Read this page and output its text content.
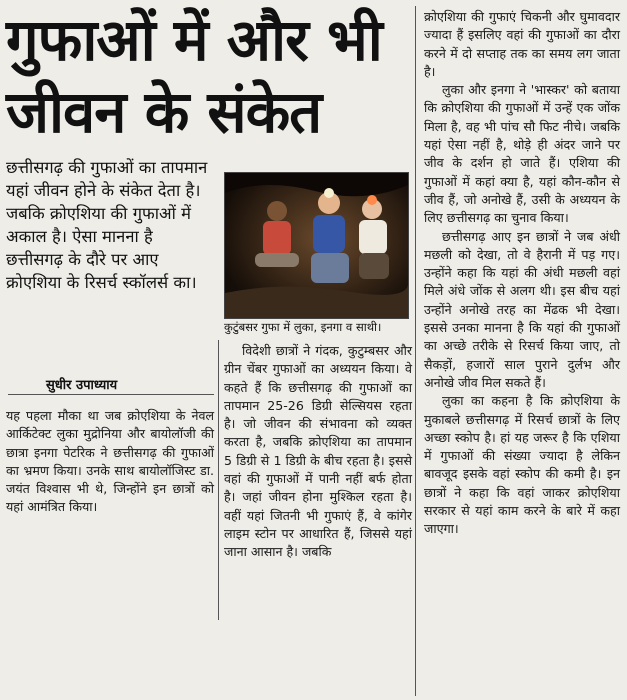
गुफाओं में और भी
जीवन के संकेत
छत्तीसगढ़ की गुफाओं का तापमान यहां जीवन होने के संकेत देता है। जबकि क्रोएशिया की गुफाओं में अकाल है। ऐसा मानना है छत्तीसगढ़ के दौरे पर आए क्रोएशिया के रिसर्च स्कॉलर्स का।
सुधीर उपाध्याय

यह पहला मौका था जब क्रोएशिया के नेवल आर्किटेक्ट लुका मुद्रोनिया और बायोलॉजी की छात्रा इनगा पेटरिक ने छत्तीसगढ़ की गुफाओं का भ्रमण किया। उनके साथ बायोलॉजिस्ट डा. जयंत विश्वास भी थे, जिन्होंने इन छात्रों को यहां आमंत्रित किया।

कुटुंबसर गुफा में लुका, इनगा व साथी।

विदेशी छात्रों ने गंदक, कुटुम्बसर और ग्रीन चेंबर गुफाओं का अध्ययन किया। वे कहते हैं कि छत्तीसगढ़ की गुफाओं का तापमान 25-26 डिग्री सेल्सियस रहता है। जो जीवन की संभावना को व्यक्त करता है, जबकि क्रोएशिया का तापमान 5 डिग्री से 1 डिग्री के बीच रहता है। इससे वहां की गुफाओं में पानी नहीं बर्फ होता है। जहां जीवन होना मुश्किल रहता है। वहीं यहां जितनी भी गुफाएं हैं, वे कांगेर लाइम स्टोन पर आधारित हैं, जिससे यहां जाना आसान है। जबकि

क्रोएशिया की गुफाएं चिकनी और घुमावदार ज्यादा हैं इसलिए वहां की गुफाओं का दौरा करने में दो सप्ताह तक का समय लग जाता है।

लुका और इनगा ने 'भास्कर' को बताया कि क्रोएशिया की गुफाओं में उन्हें एक जोंक मिला है, वह भी पांच सौ फिट नीचे। जबकि यहां ऐसा नहीं है, थोड़े ही अंदर जाने पर जीव के दर्शन हो जाते हैं। एशिया की गुफाओं में कहां क्या है, यहां कौन-कौन से जीव हैं, जो अनोखे हैं, उसी के अध्ययन के लिए छत्तीसगढ़ का चुनाव किया।

छत्तीसगढ़ आए इन छात्रों ने जब अंधी मछली को देखा, तो वे हैरानी में पड़ गए। उन्होंने कहा कि यहां की अंधी मछली वहां मिले अंधे जोंक से अलग थी। इस बीच यहां उन्होंने अनोखे तरह का मेंढक भी देखा। इससे उनका मानना है कि यहां की गुफाओं का अच्छे तरीके से रिसर्च किया जाए, तो सैकड़ों, हजारों साल पुराने दुर्लभ और अनोखे जीव मिल सकते हैं।

लुका का कहना है कि क्रोएशिया के मुकाबले छत्तीसगढ़ में रिसर्च छात्रों के लिए अच्छा स्कोप है। हां यह जरूर है कि एशिया में गुफाओं की संख्या ज्यादा है लेकिन बावजूद इसके वहां स्कोप की कमी है। इन छात्रों ने कहा कि वहां जाकर क्रोएशिया सरकार से यहां काम करने के बारे में कहा जाएगा।
